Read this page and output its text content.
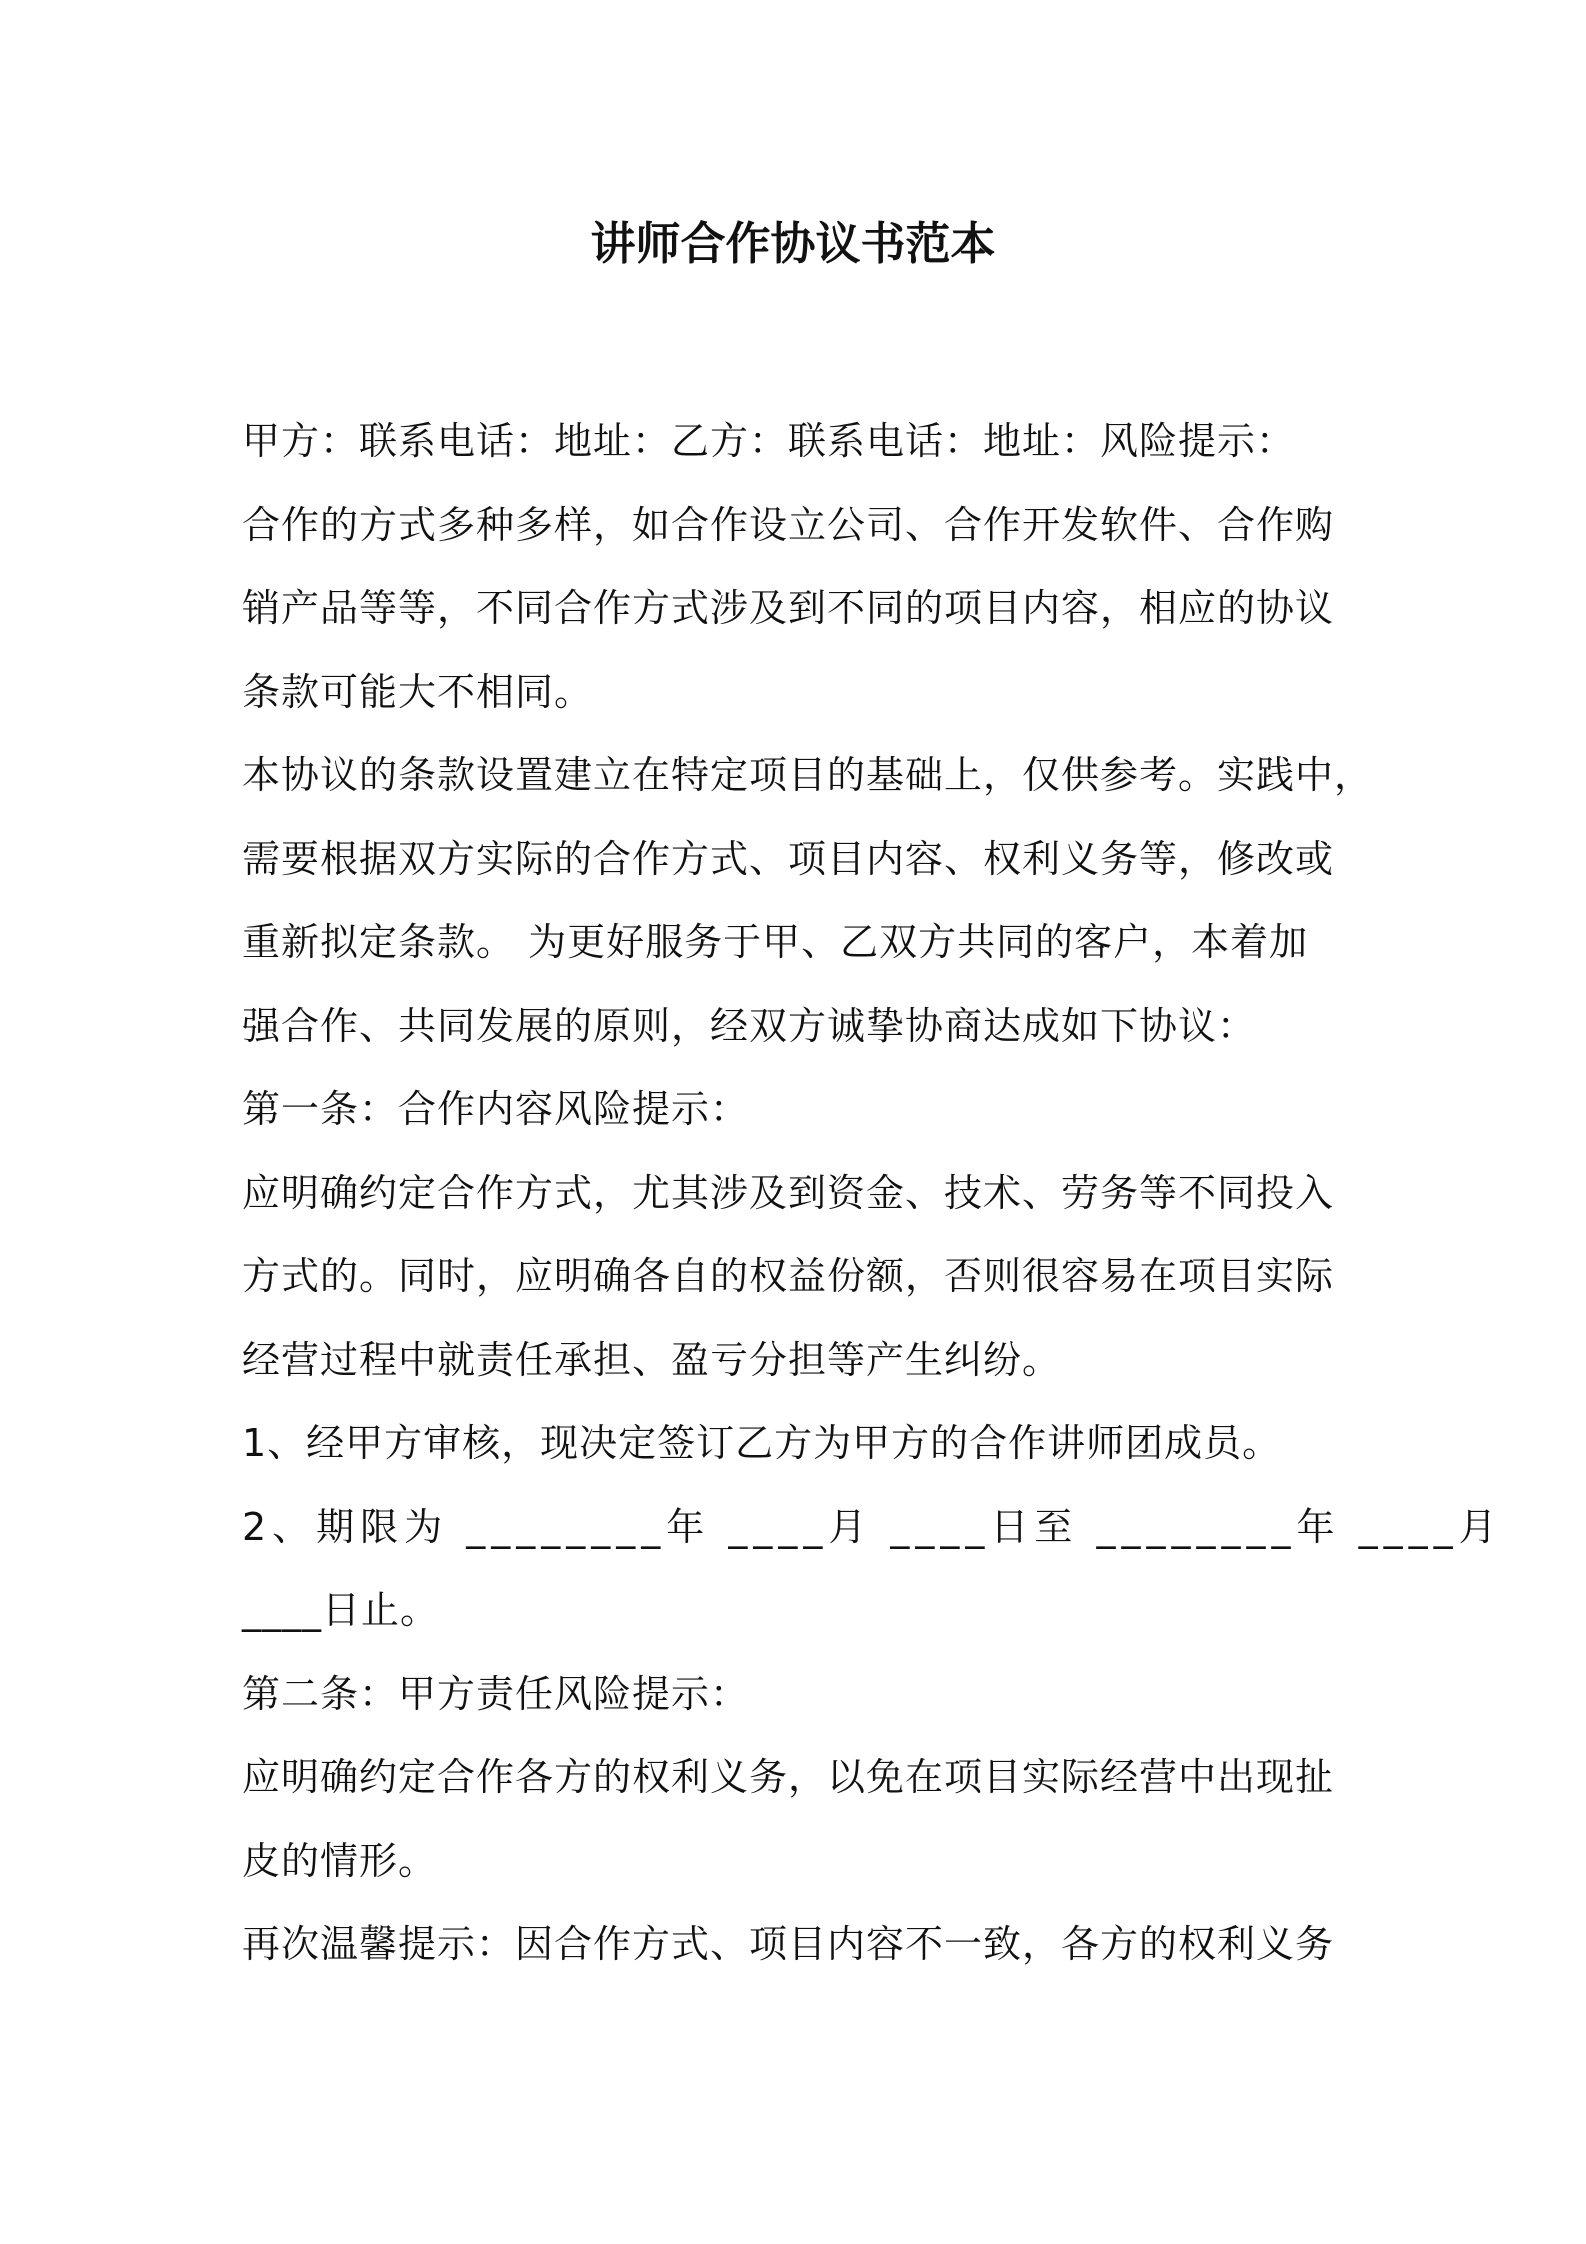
讲师合作协议书范本
甲方：联系电话：地址：乙方：联系电话：地址：风险提示：
合作的方式多种多样，如合作设立公司、合作开发软件、合作购
销产品等等，不同合作方式涉及到不同的项目内容，相应的协议
条款可能大不相同。
本协议的条款设置建立在特定项目的基础上，仅供参考。实践中，
需要根据双方实际的合作方式、项目内容、权利义务等，修改或
重新拟定条款。 为更好服务于甲、乙双方共同的客户，本着加
强合作、共同发展的原则，经双方诚挚协商达成如下协议：
第一条：合作内容风险提示：
应明确约定合作方式，尤其涉及到资金、技术、劳务等不同投入
方式的。同时，应明确各自的权益份额，否则很容易在项目实际
经营过程中就责任承担、盈亏分担等产生纠纷。
1、经甲方审核，现决定签订乙方为甲方的合作讲师团成员。
2、期限为 ________年 ____月 ____日至 ________年 ____月
____日止。
第二条：甲方责任风险提示：
应明确约定合作各方的权利义务，以免在项目实际经营中出现扯
皮的情形。
再次温馨提示：因合作方式、项目内容不一致，各方的权利义务
